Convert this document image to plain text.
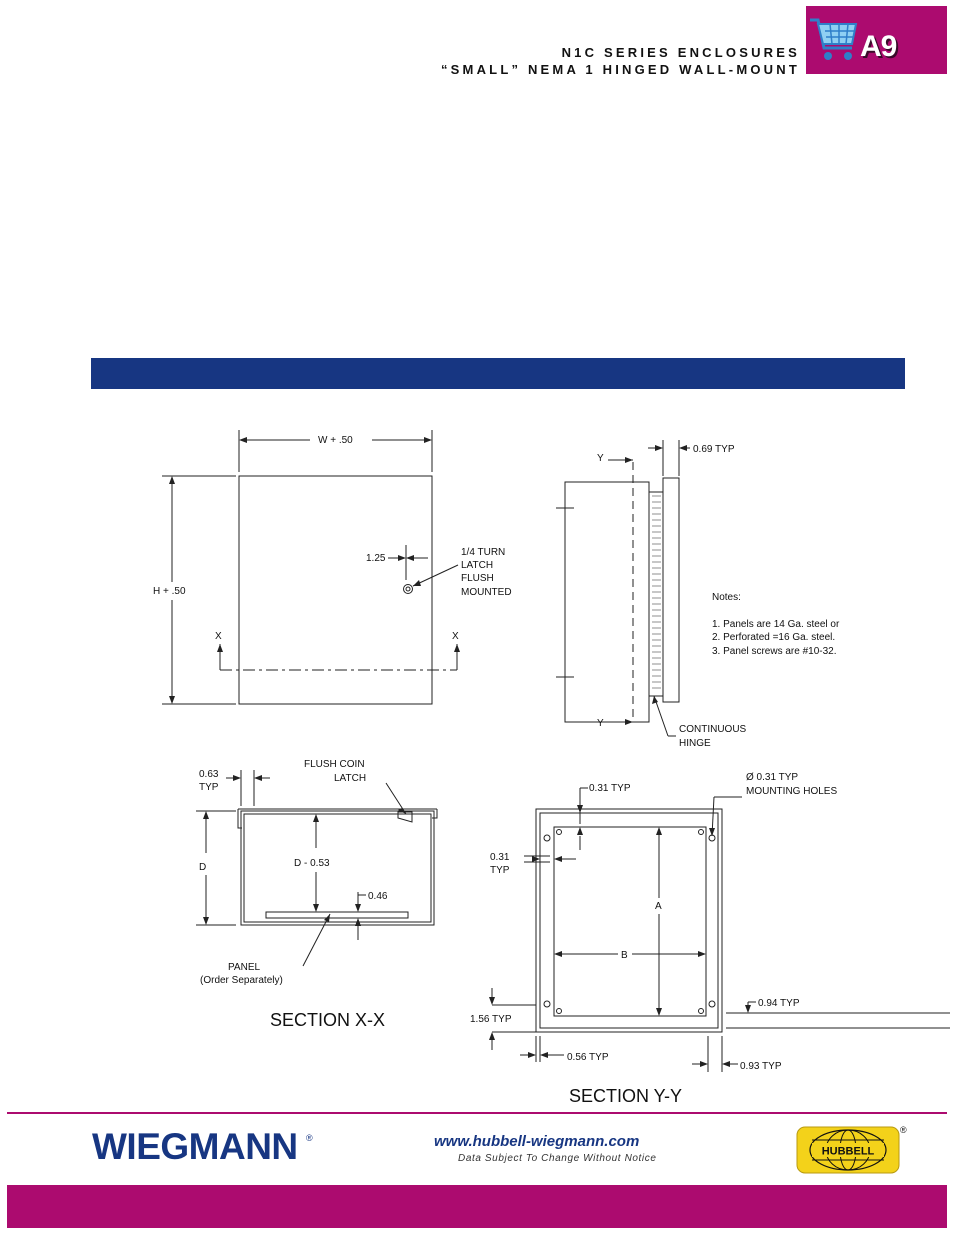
N1C SERIES ENCLOSURES
“SMALL” NEMA 1 HINGED WALL-MOUNT
A9
W + .50
H + .50
1.25
1/4 TURN
LATCH
FLUSH
MOUNTED
X	X
Y
Y
0.69 TYP
CONTINUOUS
HINGE
Notes:
1. Panels are 14 Ga. steel or
2. Perforated =16 Ga. steel.
3. Panel screws are #10-32.
0.63
TYP
FLUSH COIN
LATCH
D	D - 0.53
0.46
PANEL
(Order Separately)
SECTION X-X
0.31 TYP
0.31
TYP
Ø 0.31 TYP
MOUNTING HOLES
A
B
1.56 TYP
0.56 TYP
0.94 TYP
0.93 TYP
SECTION Y-Y
WIEGMANN ®	www.hubbell-wiegmann.com
Data Subject To Change Without Notice
HUBBELL
®
